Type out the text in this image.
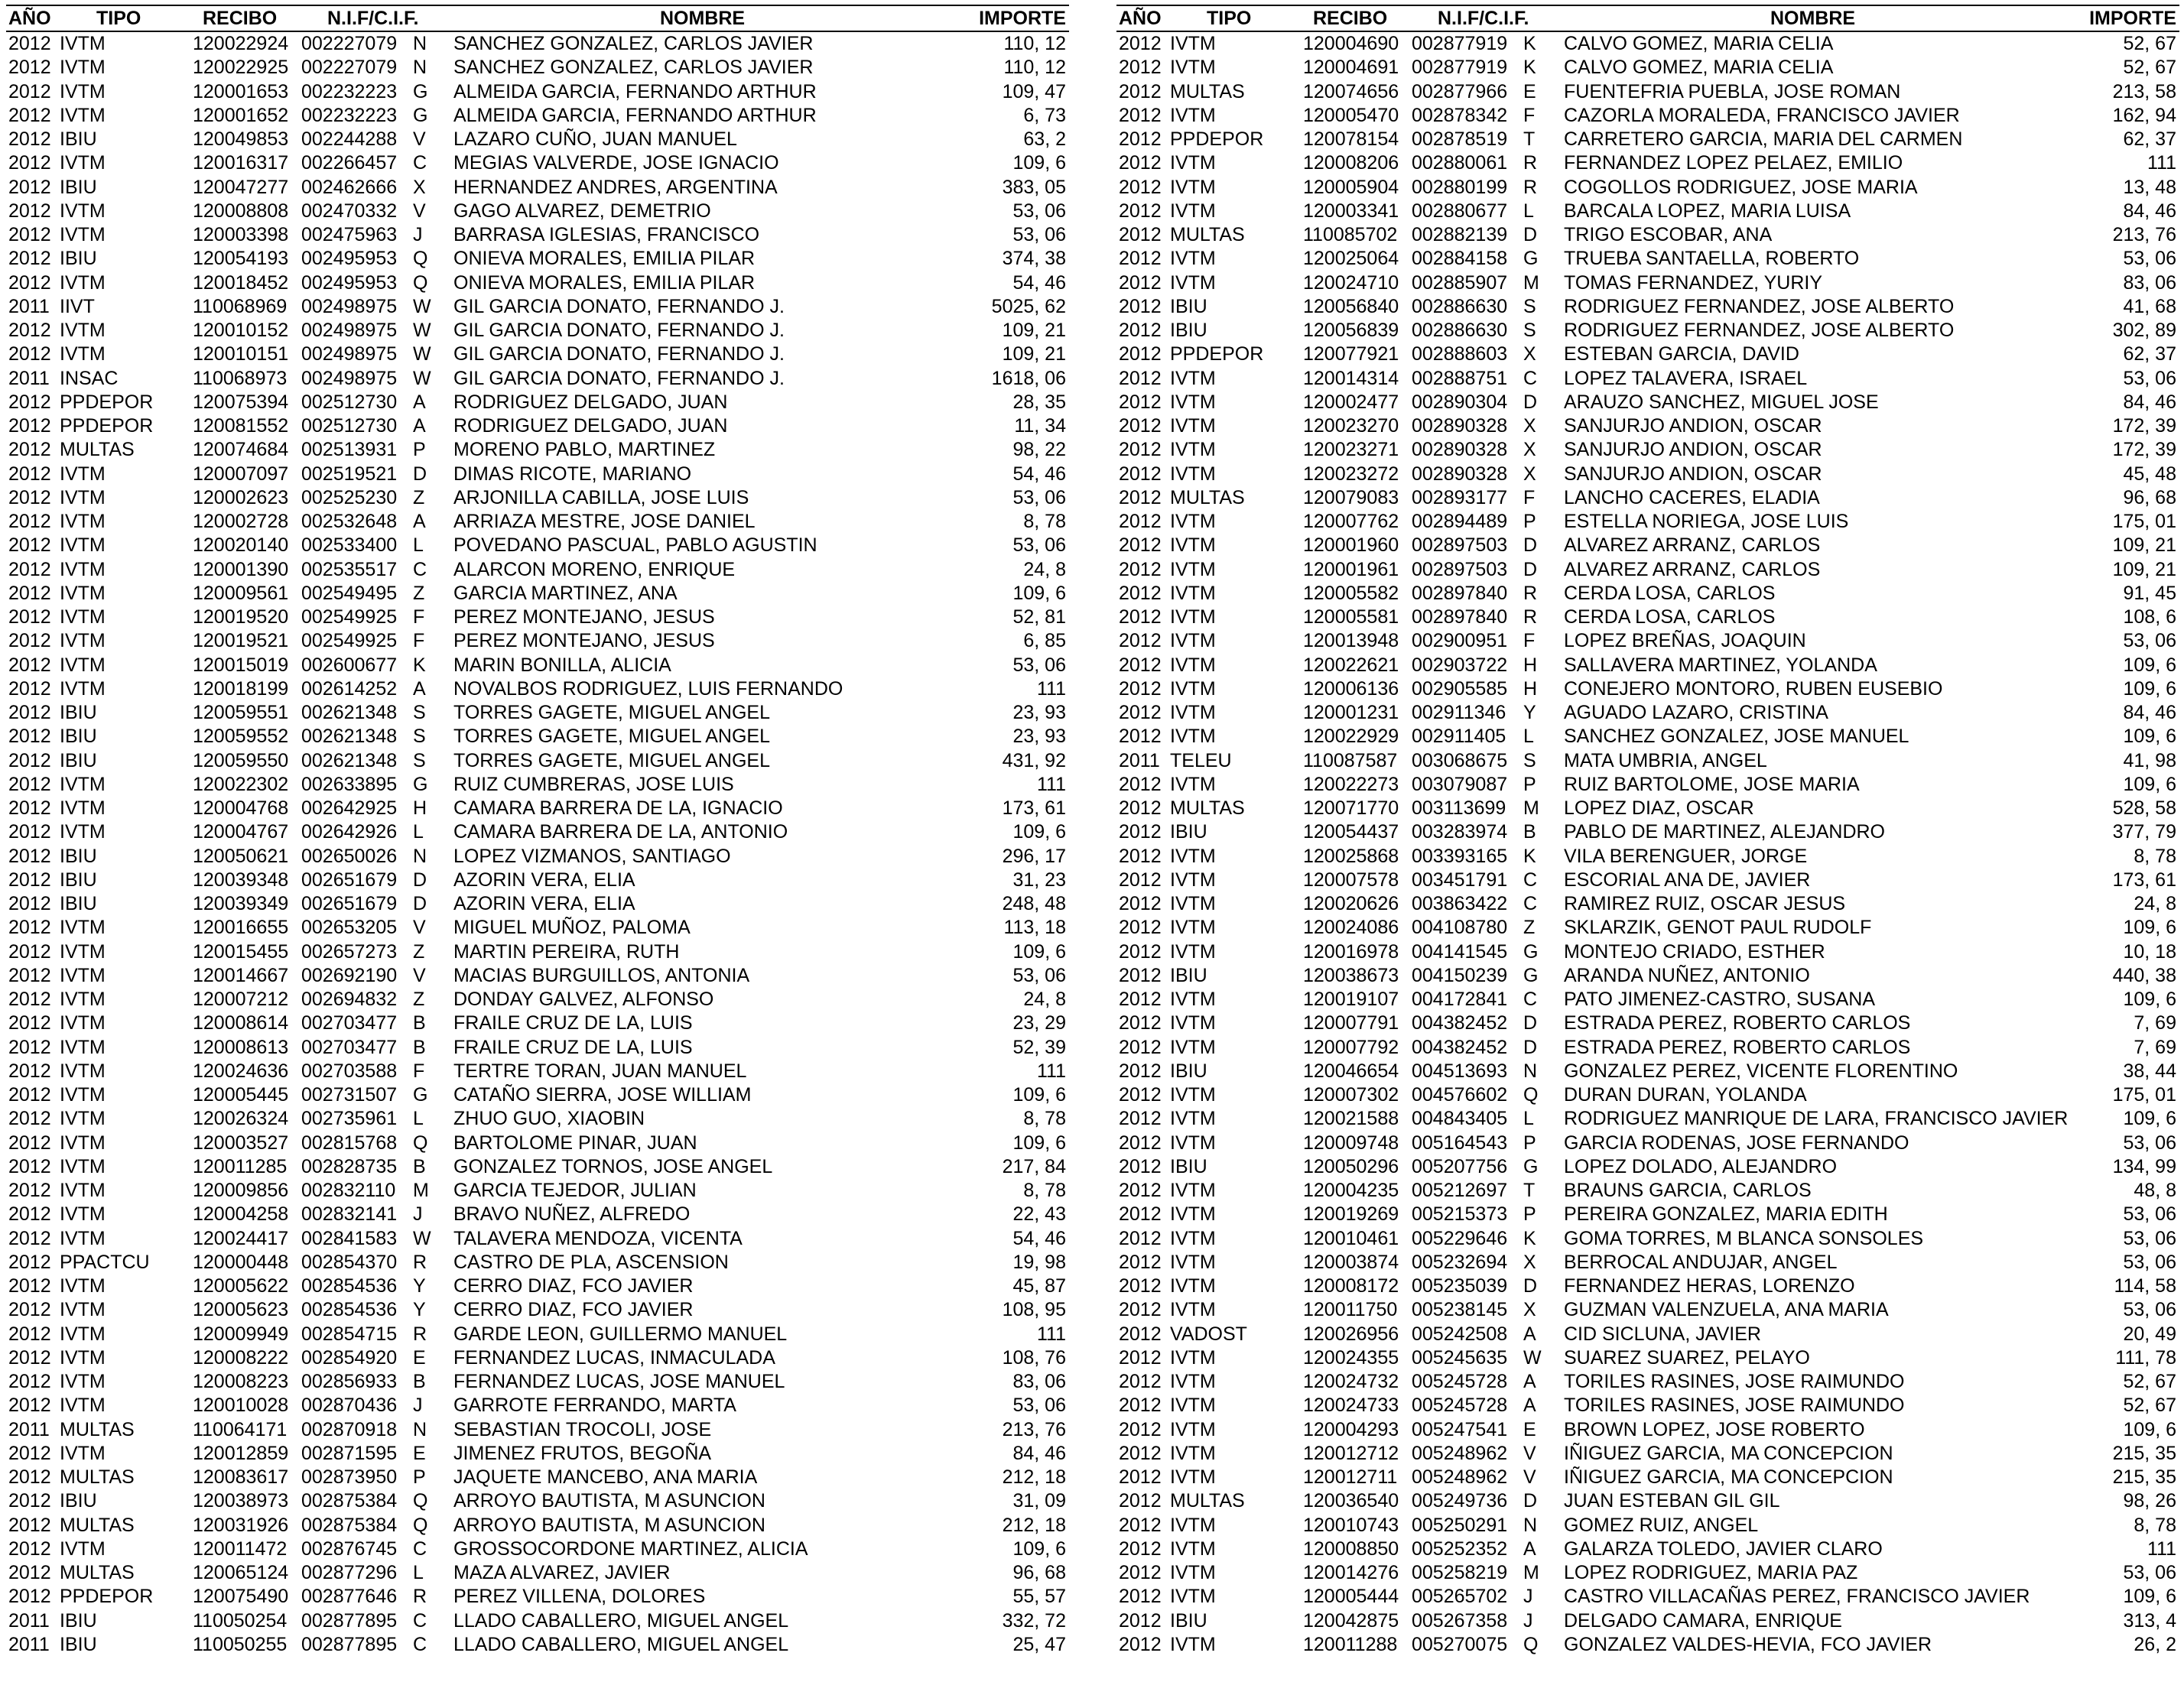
AÑO TIPO	RECIBO	N.I.F/C.I.F.	NOMBRE	IMPORTE
2012 IVTM	120022924 002227079 N SANCHEZ GONZALEZ, CARLOS JAVIER	110, 12
2012 IVTM	120022925 002227079 N SANCHEZ GONZALEZ, CARLOS JAVIER	110, 12
2012 IVTM	120001653 002232223 G ALMEIDA GARCIA, FERNANDO ARTHUR	109, 47
2012 IVTM	120001652 002232223 G ALMEIDA GARCIA, FERNANDO ARTHUR	6, 73
2012 IBIU	120049853 002244288 V LAZARO CUÑO, JUAN MANUEL	63, 2
2012 IVTM	120016317 002266457 C MEGIAS VALVERDE, JOSE IGNACIO	109, 6
2012 IBIU	120047277 002462666 X HERNANDEZ ANDRES, ARGENTINA	383, 05
2012 IVTM	120008808 002470332 V GAGO ALVAREZ, DEMETRIO	53, 06
2012 IVTM	120003398 002475963 J BARRASA IGLESIAS, FRANCISCO	53, 06
2012 IBIU	120054193 002495953 Q ONIEVA MORALES, EMILIA PILAR	374, 38
2012 IVTM	120018452 002495953 Q ONIEVA MORALES, EMILIA PILAR	54, 46
2011 IIVT	110068969 002498975 W GIL GARCIA DONATO, FERNANDO J.	5025, 62
2012 IVTM	120010152 002498975 W GIL GARCIA DONATO, FERNANDO J.	109, 21
2012 IVTM	120010151 002498975 W GIL GARCIA DONATO, FERNANDO J.	109, 21
2011 INSAC	110068973 002498975 W GIL GARCIA DONATO, FERNANDO J.	1618, 06
2012 PPDEPOR 120075394 002512730 A RODRIGUEZ DELGADO, JUAN	28, 35
2012 PPDEPOR 120081552 002512730 A RODRIGUEZ DELGADO, JUAN	11, 34
2012 MULTAS	120074684 002513931 P MORENO PABLO, MARTINEZ	98, 22
2012 IVTM	120007097 002519521 D DIMAS RICOTE, MARIANO	54, 46
2012 IVTM	120002623 002525230 Z ARJONILLA CABILLA, JOSE LUIS	53, 06
2012 IVTM	120002728 002532648 A ARRIAZA MESTRE, JOSE DANIEL	8, 78
2012 IVTM	120020140 002533400 L POVEDANO PASCUAL, PABLO AGUSTIN	53, 06
2012 IVTM	120001390 002535517 C ALARCON MORENO, ENRIQUE	24, 8
2012 IVTM	120009561 002549495 Z GARCIA MARTINEZ, ANA	109, 6
2012 IVTM	120019520 002549925 F PEREZ MONTEJANO, JESUS	52, 81
2012 IVTM	120019521 002549925 F PEREZ MONTEJANO, JESUS	6, 85
2012 IVTM	120015019 002600677 K MARIN BONILLA, ALICIA	53, 06
2012 IVTM	120018199 002614252 A NOVALBOS RODRIGUEZ, LUIS FERNANDO	111
2012 IBIU	120059551 002621348 S TORRES GAGETE, MIGUEL ANGEL	23, 93
2012 IBIU	120059552 002621348 S TORRES GAGETE, MIGUEL ANGEL	23, 93
2012 IBIU	120059550 002621348 S TORRES GAGETE, MIGUEL ANGEL	431, 92
2012 IVTM	120022302 002633895 G RUIZ CUMBRERAS, JOSE LUIS	111
2012 IVTM	120004768 002642925 H CAMARA BARRERA DE LA, IGNACIO	173, 61
2012 IVTM	120004767 002642926 L CAMARA BARRERA DE LA, ANTONIO	109, 6
2012 IBIU	120050621 002650026 N LOPEZ VIZMANOS, SANTIAGO	296, 17
2012 IBIU	120039348 002651679 D AZORIN VERA, ELIA	31, 23
2012 IBIU	120039349 002651679 D AZORIN VERA, ELIA	248, 48
2012 IVTM	120016655 002653205 V MIGUEL MUÑOZ, PALOMA	113, 18
2012 IVTM	120015455 002657273 Z MARTIN PEREIRA, RUTH	109, 6
2012 IVTM	120014667 002692190 V MACIAS BURGUILLOS, ANTONIA	53, 06
2012 IVTM	120007212 002694832 Z DONDAY GALVEZ, ALFONSO	24, 8
2012 IVTM	120008614 002703477 B FRAILE CRUZ DE LA, LUIS	23, 29
2012 IVTM	120008613 002703477 B FRAILE CRUZ DE LA, LUIS	52, 39
2012 IVTM	120024636 002703588 F TERTRE TORAN, JUAN MANUEL	111
2012 IVTM	120005445 002731507 G CATAÑO SIERRA, JOSE WILLIAM	109, 6
2012 IVTM	120026324 002735961 L ZHUO GUO, XIAOBIN	8, 78
2012 IVTM	120003527 002815768 Q BARTOLOME PINAR, JUAN	109, 6
2012 IVTM	120011285 002828735 B GONZALEZ TORNOS, JOSE ANGEL	217, 84
2012 IVTM	120009856 002832110 M GARCIA TEJEDOR, JULIAN	8, 78
2012 IVTM	120004258 002832141 J BRAVO NUÑEZ, ALFREDO	22, 43
2012 IVTM	120024417 002841583 W TALAVERA MENDOZA, VICENTA	54, 46
2012 PPACTCU 120000448 002854370 R CASTRO DE PLA, ASCENSION	19, 98
2012 IVTM	120005622 002854536 Y CERRO DIAZ, FCO JAVIER	45, 87
2012 IVTM	120005623 002854536 Y CERRO DIAZ, FCO JAVIER	108, 95
2012 IVTM	120009949 002854715 R GARDE LEON, GUILLERMO MANUEL	111
2012 IVTM	120008222 002854920 E FERNANDEZ LUCAS, INMACULADA	108, 76
2012 IVTM	120008223 002856933 B FERNANDEZ LUCAS, JOSE MANUEL	83, 06
2012 IVTM	120010028 002870436 J GARROTE FERRANDO, MARTA	53, 06
2011 MULTAS	110064171 002870918 N SEBASTIAN TROCOLI, JOSE	213, 76
2012 IVTM	120012859 002871595 E JIMENEZ FRUTOS, BEGOÑA	84, 46
2012 MULTAS	120083617 002873950 P JAQUETE MANCEBO, ANA MARIA	212, 18
2012 IBIU	120038973 002875384 Q ARROYO BAUTISTA, M ASUNCION	31, 09
2012 MULTAS	120031926 002875384 Q ARROYO BAUTISTA, M ASUNCION	212, 18
2012 IVTM	120011472 002876745 C GROSSOCORDONE MARTINEZ, ALICIA	109, 6
2012 MULTAS	120065124 002877296 L MAZA ALVAREZ, JAVIER	96, 68
2012 PPDEPOR 120075490 002877646 R PEREZ VILLENA, DOLORES	55, 57
2011 IBIU	110050254 002877895 C LLADO CABALLERO, MIGUEL ANGEL	332, 72
2011 IBIU	110050255 002877895 C LLADO CABALLERO, MIGUEL ANGEL	25, 47
AÑO TIPO	RECIBO	N.I.F/C.I.F.	NOMBRE	IMPORTE
2012 IVTM	120004690 002877919 K CALVO GOMEZ, MARIA CELIA	52, 67
2012 IVTM	120004691 002877919 K CALVO GOMEZ, MARIA CELIA	52, 67
2012 MULTAS	120074656 002877966 E FUENTEFRIA PUEBLA, JOSE ROMAN	213, 58
2012 IVTM	120005470 002878342 F CAZORLA MORALEDA, FRANCISCO JAVIER	162, 94
2012 PPDEPOR 120078154 002878519 T CARRETERO GARCIA, MARIA DEL CARMEN	62, 37
2012 IVTM	120008206 002880061 R FERNANDEZ LOPEZ PELAEZ, EMILIO	111
2012 IVTM	120005904 002880199 R COGOLLOS RODRIGUEZ, JOSE MARIA	13, 48
2012 IVTM	120003341 002880677 L BARCALA LOPEZ, MARIA LUISA	84, 46
2012 MULTAS	110085702 002882139 D TRIGO ESCOBAR, ANA	213, 76
2012 IVTM	120025064 002884158 G TRUEBA SANTAELLA, ROBERTO	53, 06
2012 IVTM	120024710 002885907 M TOMAS FERNANDEZ, YURIY	83, 06
2012 IBIU	120056840 002886630 S RODRIGUEZ FERNANDEZ, JOSE ALBERTO	41, 68
2012 IBIU	120056839 002886630 S RODRIGUEZ FERNANDEZ, JOSE ALBERTO	302, 89
2012 PPDEPOR 120077921 002888603 X ESTEBAN GARCIA, DAVID	62, 37
2012 IVTM	120014314 002888751 C LOPEZ TALAVERA, ISRAEL	53, 06
2012 IVTM	120002477 002890304 D ARAUZO SANCHEZ, MIGUEL JOSE	84, 46
2012 IVTM	120023270 002890328 X SANJURJO ANDION, OSCAR	172, 39
2012 IVTM	120023271 002890328 X SANJURJO ANDION, OSCAR	172, 39
2012 IVTM	120023272 002890328 X SANJURJO ANDION, OSCAR	45, 48
2012 MULTAS	120079083 002893177 F LANCHO CACERES, ELADIA	96, 68
2012 IVTM	120007762 002894489 P ESTELLA NORIEGA, JOSE LUIS	175, 01
2012 IVTM	120001960 002897503 D ALVAREZ ARRANZ, CARLOS	109, 21
2012 IVTM	120001961 002897503 D ALVAREZ ARRANZ, CARLOS	109, 21
2012 IVTM	120005582 002897840 R CERDA LOSA, CARLOS	91, 45
2012 IVTM	120005581 002897840 R CERDA LOSA, CARLOS	108, 6
2012 IVTM	120013948 002900951 F LOPEZ BREÑAS, JOAQUIN	53, 06
2012 IVTM	120022621 002903722 H SALLAVERA MARTINEZ, YOLANDA	109, 6
2012 IVTM	120006136 002905585 H CONEJERO MONTORO, RUBEN EUSEBIO	109, 6
2012 IVTM	120001231 002911346 Y AGUADO LAZARO, CRISTINA	84, 46
2012 IVTM	120022929 002911405 L SANCHEZ GONZALEZ, JOSE MANUEL	109, 6
2011 TELEU	110087587 003068675 S MATA UMBRIA, ANGEL	41, 98
2012 IVTM	120022273 003079087 P RUIZ BARTOLOME, JOSE MARIA	109, 6
2012 MULTAS	120071770 003113699 M LOPEZ DIAZ, OSCAR	528, 58
2012 IBIU	120054437 003283974 B PABLO DE MARTINEZ, ALEJANDRO	377, 79
2012 IVTM	120025868 003393165 K VILA BERENGUER, JORGE	8, 78
2012 IVTM	120007578 003451791 C ESCORIAL ANA DE, JAVIER	173, 61
2012 IVTM	120020626 003863422 C RAMIREZ RUIZ, OSCAR JESUS	24, 8
2012 IVTM	120024086 004108780 Z SKLARZIK, GENOT PAUL RUDOLF	109, 6
2012 IVTM	120016978 004141545 G MONTEJO CRIADO, ESTHER	10, 18
2012 IBIU	120038673 004150239 G ARANDA NUÑEZ, ANTONIO	440, 38
2012 IVTM	120019107 004172841 C PATO JIMENEZ-CASTRO, SUSANA	109, 6
2012 IVTM	120007791 004382452 D ESTRADA PEREZ, ROBERTO CARLOS	7, 69
2012 IVTM	120007792 004382452 D ESTRADA PEREZ, ROBERTO CARLOS	7, 69
2012 IBIU	120046654 004513693 N GONZALEZ PEREZ, VICENTE FLORENTINO	38, 44
2012 IVTM	120007302 004576602 Q DURAN DURAN, YOLANDA	175, 01
2012 IVTM	120021588 004843405 L RODRIGUEZ MANRIQUE DE LARA, FRANCISCO JAVIER	109, 6
2012 IVTM	120009748 005164543 P GARCIA RODENAS, JOSE FERNANDO	53, 06
2012 IBIU	120050296 005207756 G LOPEZ DOLADO, ALEJANDRO	134, 99
2012 IVTM	120004235 005212697 T BRAUNS GARCIA, CARLOS	48, 8
2012 IVTM	120019269 005215373 P PEREIRA GONZALEZ, MARIA EDITH	53, 06
2012 IVTM	120010461 005229646 K GOMA TORRES, M BLANCA SONSOLES	53, 06
2012 IVTM	120003874 005232694 X BERROCAL ANDUJAR, ANGEL	53, 06
2012 IVTM	120008172 005235039 D FERNANDEZ HERAS, LORENZO	114, 58
2012 IVTM	120011750 005238145 X GUZMAN VALENZUELA, ANA MARIA	53, 06
2012 VADOST	120026956 005242508 A CID SICLUNA, JAVIER	20, 49
2012 IVTM	120024355 005245635 W SUAREZ SUAREZ, PELAYO	111, 78
2012 IVTM	120024732 005245728 A TORILES RASINES, JOSE RAIMUNDO	52, 67
2012 IVTM	120024733 005245728 A TORILES RASINES, JOSE RAIMUNDO	52, 67
2012 IVTM	120004293 005247541 E BROWN LOPEZ, JOSE ROBERTO	109, 6
2012 IVTM	120012712 005248962 V IÑIGUEZ GARCIA, MA CONCEPCION	215, 35
2012 IVTM	120012711 005248962 V IÑIGUEZ GARCIA, MA CONCEPCION	215, 35
2012 MULTAS	120036540 005249736 D JUAN ESTEBAN GIL GIL	98, 26
2012 IVTM	120010743 005250291 N GOMEZ RUIZ, ANGEL	8, 78
2012 IVTM	120008850 005252352 A GALARZA TOLEDO, JAVIER CLARO	111
2012 IVTM	120014276 005258219 M LOPEZ RODRIGUEZ, MARIA PAZ	53, 06
2012 IVTM	120005444 005265702 J CASTRO VILLACAÑAS PEREZ, FRANCISCO JAVIER	109, 6
2012 IBIU	120042875 005267358 J DELGADO CAMARA, ENRIQUE	313, 4
2012 IVTM	120011288 005270075 Q GONZALEZ VALDES-HEVIA, FCO JAVIER	26, 2
